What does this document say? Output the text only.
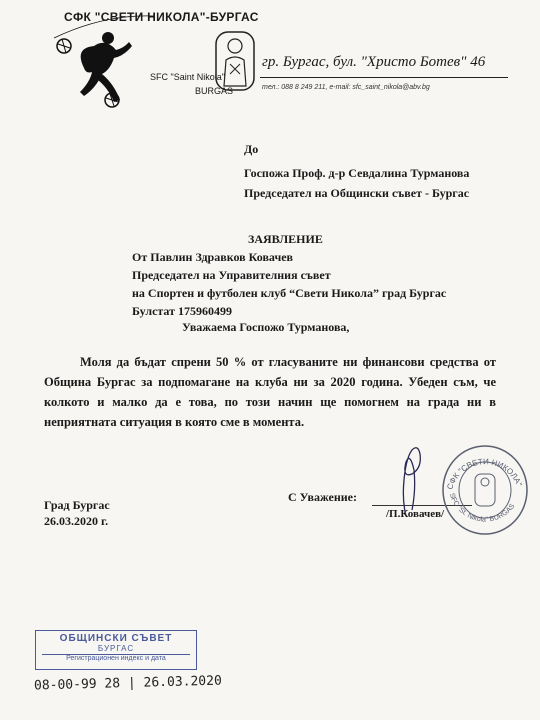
СФК "СВЕТИ НИКОЛА"-БУРГАС
SFC "Saint Nikola"
BURGAS
гр. Бургас, бул. "Христо Ботев" 46
тел.: 088 8 249 211, e-mail: sfc_saint_nikola@abv.bg
До
Госпожа Проф. д-р Севдалина Турманова
Председател на Общински съвет - Бургас
ЗАЯВЛЕНИЕ
От Павлин Здравков Ковачев
Председател на Управителния съвет
на Спортен и футболен клуб “Свети Никола” град Бургас
Булстат 175960499
Уважаема Госпожо Турманова,
Моля да бъдат спрени 50 % от гласуваните ни финансови средства от Община Бургас за подпомагане на клуба ни за 2020 година. Убеден съм, че колкото и малко да е това, по този начин ще помогнем на града ни в неприятната ситуация в която сме в момента.
Град Бургас
26.03.2020 г.
С Уважение:
/П.Ковачев/
СФК "СВЕТИ НИКОЛА"
SFC "St. Nikola" BURGAS
ОБЩИНСКИ СЪВЕТ
БУРГАС
Регистрационен индекс и дата
08-00-99 28 | 26.03.2020
